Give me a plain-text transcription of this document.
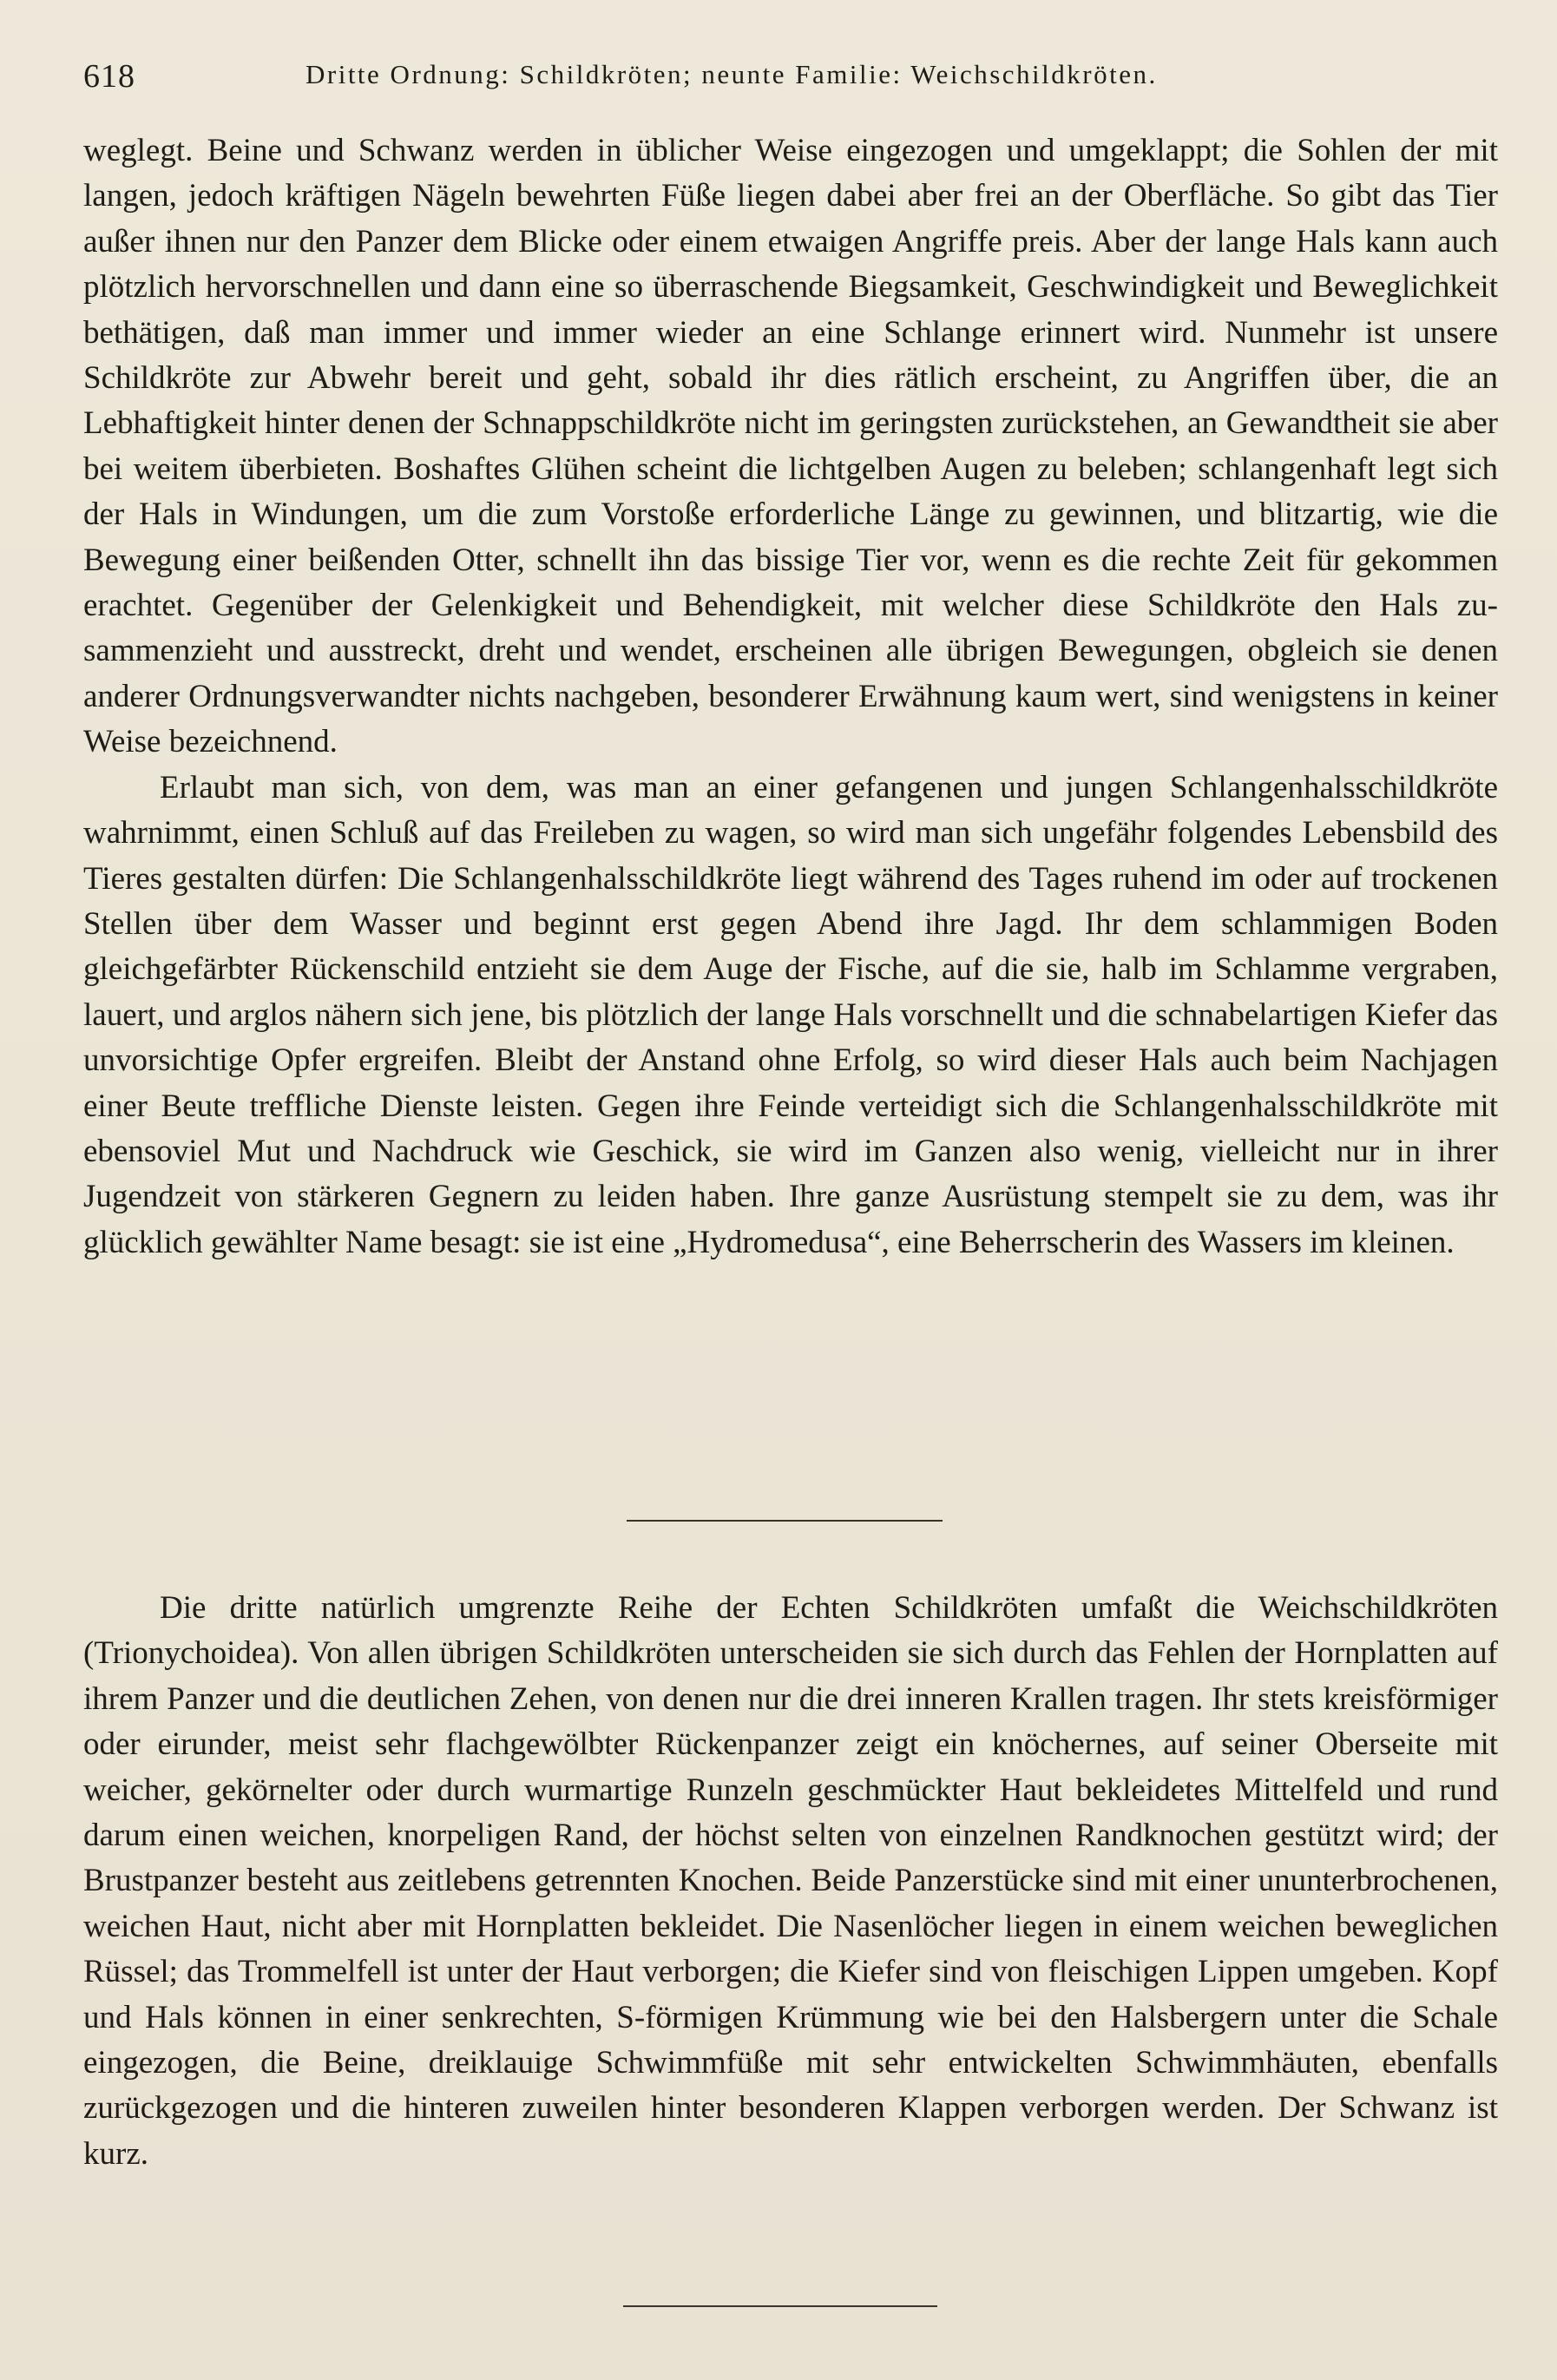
618	Dritte Ordnung: Schildkröten; neunte Familie: Weichschildkröten.

weglegt. Beine und Schwanz werden in üblicher Weise eingezogen und umgeklappt; die Sohlen der mit langen, jedoch kräftigen Nägeln bewehrten Füße liegen dabei aber frei an der Oberfläche. So gibt das Tier außer ihnen nur den Panzer dem Blicke oder einem etwaigen Angriffe preis. Aber der lange Hals kann auch plötzlich hervorschnellen und dann eine so überraschende Biegsamkeit, Geschwindigkeit und Beweglichkeit bethätigen, daß man immer und immer wieder an eine Schlange erinnert wird. Nunmehr ist unsere Schildkröte zur Abwehr bereit und geht, sobald ihr dies rätlich erscheint, zu Angriffen über, die an Lebhaftigkeit hinter denen der Schnappschildkröte nicht im geringsten zurückstehen, an Gewandtheit sie aber bei weitem überbieten. Boshaftes Glühen scheint die lichtgelben Augen zu beleben; schlangenhaft legt sich der Hals in Windungen, um die zum Vorstoße erforderliche Länge zu gewinnen, und blitzartig, wie die Bewegung einer beißenden Otter, schnellt ihn das bissige Tier vor, wenn es die rechte Zeit für gekommen erachtet. Gegenüber der Gelenkigkeit und Behendigkeit, mit welcher diese Schildkröte den Hals zusammenzieht und ausstreckt, dreht und wendet, erscheinen alle übrigen Bewegungen, obgleich sie denen anderer Ordnungsverwandter nichts nachgeben, besonderer Erwähnung kaum wert, sind wenigstens in keiner Weise bezeichnend.

Erlaubt man sich, von dem, was man an einer gefangenen und jungen Schlangenhalsschildkröte wahrnimmt, einen Schluß auf das Freileben zu wagen, so wird man sich ungefähr folgendes Lebensbild des Tieres gestalten dürfen: Die Schlangenhalsschildkröte liegt während des Tages ruhend im oder auf trockenen Stellen über dem Wasser und beginnt erst gegen Abend ihre Jagd. Ihr dem schlammigen Boden gleichgefärbter Rückenschild entzieht sie dem Auge der Fische, auf die sie, halb im Schlamme vergraben, lauert, und arglos nähern sich jene, bis plötzlich der lange Hals vorschnellt und die schnabelartigen Kiefer das unvorsichtige Opfer ergreifen. Bleibt der Anstand ohne Erfolg, so wird dieser Hals auch beim Nachjagen einer Beute treffliche Dienste leisten. Gegen ihre Feinde verteidigt sich die Schlangenhalsschildkröte mit ebensoviel Mut und Nachdruck wie Geschick, sie wird im Ganzen also wenig, vielleicht nur in ihrer Jugendzeit von stärkeren Gegnern zu leiden haben. Ihre ganze Ausrüstung stempelt sie zu dem, was ihr glücklich gewählter Name besagt: sie ist eine „Hydromedusa“, eine Beherrscherin des Wassers im kleinen.

Die dritte natürlich umgrenzte Reihe der Echten Schildkröten umfaßt die Weichschildkröten (Trionychoidea). Von allen übrigen Schildkröten unterscheiden sie sich durch das Fehlen der Hornplatten auf ihrem Panzer und die deutlichen Zehen, von denen nur die drei inneren Krallen tragen. Ihr stets kreisförmiger oder eirunder, meist sehr flachgewölbter Rückenpanzer zeigt ein knöchernes, auf seiner Oberseite mit weicher, gekörnelter oder durch wurmartige Runzeln geschmückter Haut bekleidetes Mittelfeld und rund darum einen weichen, knorpeligen Rand, der höchst selten von einzelnen Randknochen gestützt wird; der Brustpanzer besteht aus zeitlebens getrennten Knochen. Beide Panzerstücke sind mit einer ununterbrochenen, weichen Haut, nicht aber mit Hornplatten bekleidet. Die Nasenlöcher liegen in einem weichen beweglichen Rüssel; das Trommelfell ist unter der Haut verborgen; die Kiefer sind von fleischigen Lippen umgeben. Kopf und Hals können in einer senkrechten, S-förmigen Krümmung wie bei den Halsbergern unter die Schale eingezogen, die Beine, dreiklauige Schwimmfüße mit sehr entwickelten Schwimmhäuten, ebenfalls zurückgezogen und die hinteren zuweilen hinter besonderen Klappen verborgen werden. Der Schwanz ist kurz.
